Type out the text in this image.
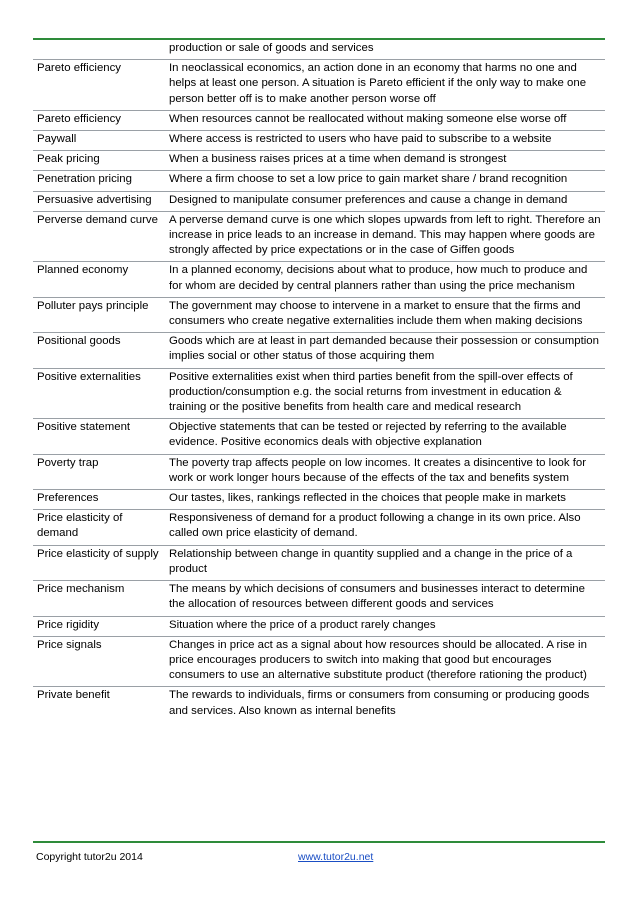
	production or sale of goods and services
Pareto efficiency	In neoclassical economics, an action done in an economy that harms no one and helps at least one person. A situation is Pareto efficient if the only way to make one person better off is to make another person worse off
Pareto efficiency	When resources cannot be reallocated without making someone else worse off
Paywall	Where access is restricted to users who have paid to subscribe to a website
Peak pricing	When a business raises prices at a time when demand is strongest
Penetration pricing	Where a firm choose to set a low price to gain market share / brand recognition
Persuasive advertising	Designed to manipulate consumer preferences and cause a change in demand
Perverse demand curve	A perverse demand curve is one which slopes upwards from left to right. Therefore an increase in price leads to an increase in demand. This may happen where goods are strongly affected by price expectations or in the case of Giffen goods
Planned economy	In a planned economy, decisions about what to produce, how much to produce and for whom are decided by central planners rather than using the price mechanism
Polluter pays principle	The government may choose to intervene in a market to ensure that the firms and consumers who create negative externalities include them when making decisions
Positional goods	Goods which are at least in part demanded because their possession or consumption implies social or other status of those acquiring them
Positive externalities	Positive externalities exist when third parties benefit from the spill-over effects of production/consumption e.g. the social returns from investment in education & training or the positive benefits from health care and medical research
Positive statement	Objective statements that can be tested or rejected by referring to the available evidence. Positive economics deals with objective explanation
Poverty trap	The poverty trap affects people on low incomes. It creates a disincentive to look for work or work longer hours because of the effects of the tax and benefits system
Preferences	Our tastes, likes, rankings reflected in the choices that people make in markets
Price elasticity of demand	Responsiveness of demand for a product following a change in its own price. Also called own price elasticity of demand.
Price elasticity of supply	Relationship between change in quantity supplied and a change in the price of a product
Price mechanism	The means by which decisions of consumers and businesses interact to determine the allocation of resources between different goods and services
Price rigidity	Situation where the price of a product rarely changes
Price signals	Changes in price act as a signal about how resources should be allocated. A rise in price encourages producers to switch into making that good but encourages consumers to use an alternative substitute product (therefore rationing the product)
Private benefit	The rewards to individuals, firms or consumers from consuming or producing goods and services. Also known as internal benefits
Copyright tutor2u 2014	www.tutor2u.net
